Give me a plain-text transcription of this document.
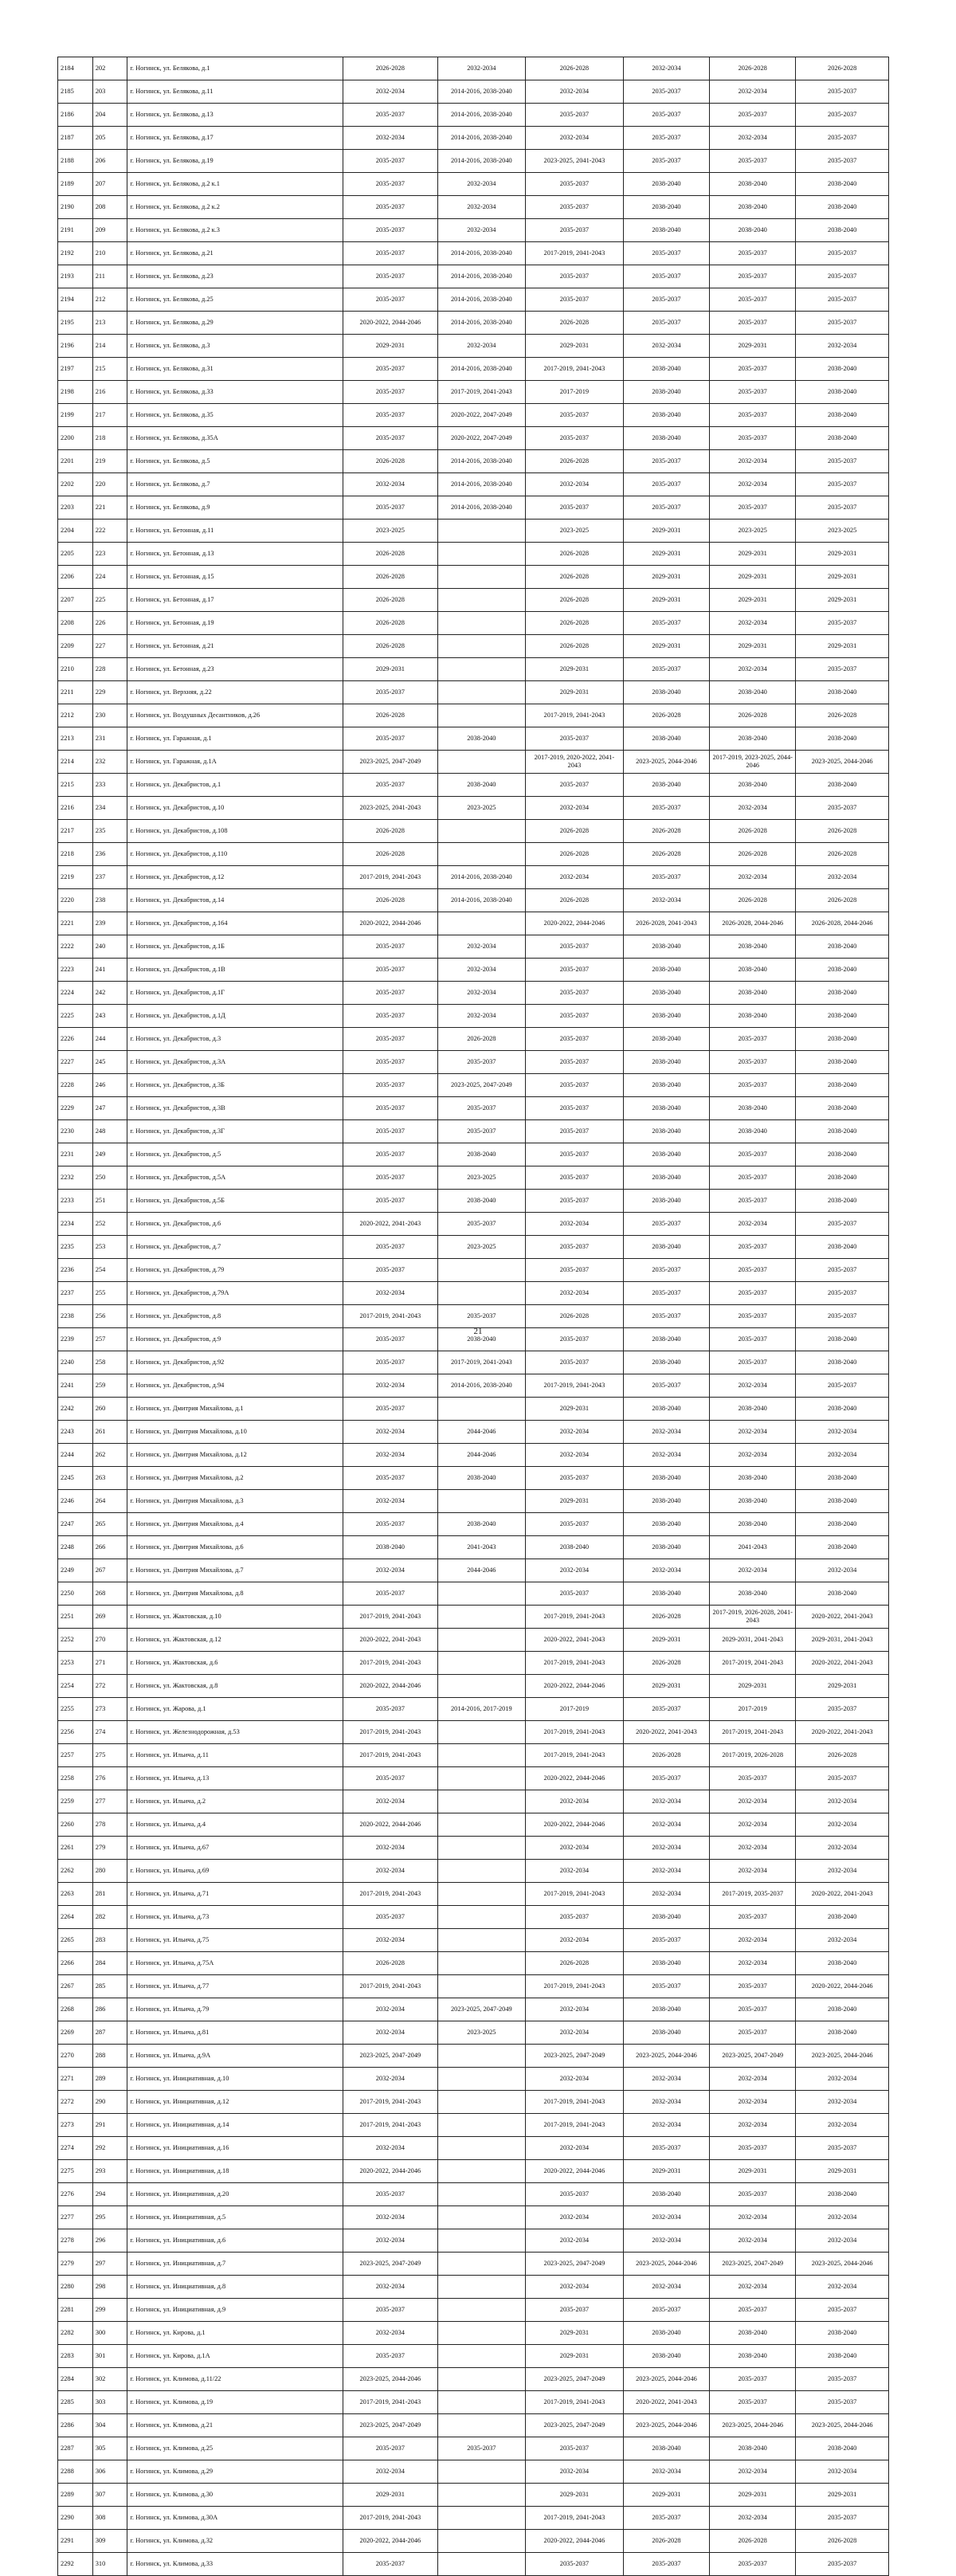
2184	202	г. Ногинск, ул. Белякова, д.1	2026-2028	2032-2034	2026-2028	2032-2034	2026-2028	2026-2028
2185	203	г. Ногинск, ул. Белякова, д.11	2032-2034	2014-2016, 2038-2040	2032-2034	2035-2037	2032-2034	2035-2037
2186	204	г. Ногинск, ул. Белякова, д.13	2035-2037	2014-2016, 2038-2040	2035-2037	2035-2037	2035-2037	2035-2037
2187	205	г. Ногинск, ул. Белякова, д.17	2032-2034	2014-2016, 2038-2040	2032-2034	2035-2037	2032-2034	2035-2037
2188	206	г. Ногинск, ул. Белякова, д.19	2035-2037	2014-2016, 2038-2040	2023-2025, 2041-2043	2035-2037	2035-2037	2035-2037
2189	207	г. Ногинск, ул. Белякова, д.2 к.1	2035-2037	2032-2034	2035-2037	2038-2040	2038-2040	2038-2040
2190	208	г. Ногинск, ул. Белякова, д.2 к.2	2035-2037	2032-2034	2035-2037	2038-2040	2038-2040	2038-2040
2191	209	г. Ногинск, ул. Белякова, д.2 к.3	2035-2037	2032-2034	2035-2037	2038-2040	2038-2040	2038-2040
2192	210	г. Ногинск, ул. Белякова, д.21	2035-2037	2014-2016, 2038-2040	2017-2019, 2041-2043	2035-2037	2035-2037	2035-2037
2193	211	г. Ногинск, ул. Белякова, д.23	2035-2037	2014-2016, 2038-2040	2035-2037	2035-2037	2035-2037	2035-2037
2194	212	г. Ногинск, ул. Белякова, д.25	2035-2037	2014-2016, 2038-2040	2035-2037	2035-2037	2035-2037	2035-2037
2195	213	г. Ногинск, ул. Белякова, д.29	2020-2022, 2044-2046	2014-2016, 2038-2040	2026-2028	2035-2037	2035-2037	2035-2037
2196	214	г. Ногинск, ул. Белякова, д.3	2029-2031	2032-2034	2029-2031	2032-2034	2029-2031	2032-2034
2197	215	г. Ногинск, ул. Белякова, д.31	2035-2037	2014-2016, 2038-2040	2017-2019, 2041-2043	2038-2040	2035-2037	2038-2040
2198	216	г. Ногинск, ул. Белякова, д.33	2035-2037	2017-2019, 2041-2043	2017-2019	2038-2040	2035-2037	2038-2040
2199	217	г. Ногинск, ул. Белякова, д.35	2035-2037	2020-2022, 2047-2049	2035-2037	2038-2040	2035-2037	2038-2040
2200	218	г. Ногинск, ул. Белякова, д.35А	2035-2037	2020-2022, 2047-2049	2035-2037	2038-2040	2035-2037	2038-2040
2201	219	г. Ногинск, ул. Белякова, д.5	2026-2028	2014-2016, 2038-2040	2026-2028	2035-2037	2032-2034	2035-2037
2202	220	г. Ногинск, ул. Белякова, д.7	2032-2034	2014-2016, 2038-2040	2032-2034	2035-2037	2032-2034	2035-2037
2203	221	г. Ногинск, ул. Белякова, д.9	2035-2037	2014-2016, 2038-2040	2035-2037	2035-2037	2035-2037	2035-2037
2204	222	г. Ногинск, ул. Бетонная, д.11	2023-2025		2023-2025	2029-2031	2023-2025	2023-2025
2205	223	г. Ногинск, ул. Бетонная, д.13	2026-2028		2026-2028	2029-2031	2029-2031	2029-2031
2206	224	г. Ногинск, ул. Бетонная, д.15	2026-2028		2026-2028	2029-2031	2029-2031	2029-2031
2207	225	г. Ногинск, ул. Бетонная, д.17	2026-2028		2026-2028	2029-2031	2029-2031	2029-2031
2208	226	г. Ногинск, ул. Бетонная, д.19	2026-2028		2026-2028	2035-2037	2032-2034	2035-2037
2209	227	г. Ногинск, ул. Бетонная, д.21	2026-2028		2026-2028	2029-2031	2029-2031	2029-2031
2210	228	г. Ногинск, ул. Бетонная, д.23	2029-2031		2029-2031	2035-2037	2032-2034	2035-2037
2211	229	г. Ногинск, ул. Верхняя, д.22	2035-2037		2029-2031	2038-2040	2038-2040	2038-2040
2212	230	г. Ногинск, ул. Воздушных Десантников, д.26	2026-2028		2017-2019, 2041-2043	2026-2028	2026-2028	2026-2028
2213	231	г. Ногинск, ул. Гаражная, д.1	2035-2037	2038-2040	2035-2037	2038-2040	2038-2040	2038-2040
2214	232	г. Ногинск, ул. Гаражная, д.1А	2023-2025, 2047-2049		2017-2019, 2020-2022, 2041-2043	2023-2025, 2044-2046	2017-2019, 2023-2025, 2044-2046	2023-2025, 2044-2046
2215	233	г. Ногинск, ул. Декабристов, д.1	2035-2037	2038-2040	2035-2037	2038-2040	2038-2040	2038-2040
2216	234	г. Ногинск, ул. Декабристов, д.10	2023-2025, 2041-2043	2023-2025	2032-2034	2035-2037	2032-2034	2035-2037
2217	235	г. Ногинск, ул. Декабристов, д.108	2026-2028		2026-2028	2026-2028	2026-2028	2026-2028
2218	236	г. Ногинск, ул. Декабристов, д.110	2026-2028		2026-2028	2026-2028	2026-2028	2026-2028
2219	237	г. Ногинск, ул. Декабристов, д.12	2017-2019, 2041-2043	2014-2016, 2038-2040	2032-2034	2035-2037	2032-2034	2032-2034
2220	238	г. Ногинск, ул. Декабристов, д.14	2026-2028	2014-2016, 2038-2040	2026-2028	2032-2034	2026-2028	2026-2028
2221	239	г. Ногинск, ул. Декабристов, д.164	2020-2022, 2044-2046		2020-2022, 2044-2046	2026-2028, 2041-2043	2026-2028, 2044-2046	2026-2028, 2044-2046
2222	240	г. Ногинск, ул. Декабристов, д.1Б	2035-2037	2032-2034	2035-2037	2038-2040	2038-2040	2038-2040
2223	241	г. Ногинск, ул. Декабристов, д.1В	2035-2037	2032-2034	2035-2037	2038-2040	2038-2040	2038-2040
2224	242	г. Ногинск, ул. Декабристов, д.1Г	2035-2037	2032-2034	2035-2037	2038-2040	2038-2040	2038-2040
2225	243	г. Ногинск, ул. Декабристов, д.1Д	2035-2037	2032-2034	2035-2037	2038-2040	2038-2040	2038-2040
2226	244	г. Ногинск, ул. Декабристов, д.3	2035-2037	2026-2028	2035-2037	2038-2040	2035-2037	2038-2040
2227	245	г. Ногинск, ул. Декабристов, д.3А	2035-2037	2035-2037	2035-2037	2038-2040	2035-2037	2038-2040
2228	246	г. Ногинск, ул. Декабристов, д.3Б	2035-2037	2023-2025, 2047-2049	2035-2037	2038-2040	2035-2037	2038-2040
2229	247	г. Ногинск, ул. Декабристов, д.3В	2035-2037	2035-2037	2035-2037	2038-2040	2038-2040	2038-2040
2230	248	г. Ногинск, ул. Декабристов, д.3Г	2035-2037	2035-2037	2035-2037	2038-2040	2038-2040	2038-2040
2231	249	г. Ногинск, ул. Декабристов, д.5	2035-2037	2038-2040	2035-2037	2038-2040	2035-2037	2038-2040
2232	250	г. Ногинск, ул. Декабристов, д.5А	2035-2037	2023-2025	2035-2037	2038-2040	2035-2037	2038-2040
2233	251	г. Ногинск, ул. Декабристов, д.5Б	2035-2037	2038-2040	2035-2037	2038-2040	2035-2037	2038-2040
2234	252	г. Ногинск, ул. Декабристов, д.6	2020-2022, 2041-2043	2035-2037	2032-2034	2035-2037	2032-2034	2035-2037
2235	253	г. Ногинск, ул. Декабристов, д.7	2035-2037	2023-2025	2035-2037	2038-2040	2035-2037	2038-2040
2236	254	г. Ногинск, ул. Декабристов, д.79	2035-2037		2035-2037	2035-2037	2035-2037	2035-2037
2237	255	г. Ногинск, ул. Декабристов, д.79А	2032-2034		2032-2034	2035-2037	2035-2037	2035-2037
2238	256	г. Ногинск, ул. Декабристов, д.8	2017-2019, 2041-2043	2035-2037	2026-2028	2035-2037	2035-2037	2035-2037
2239	257	г. Ногинск, ул. Декабристов, д.9	2035-2037	2038-2040	2035-2037	2038-2040	2035-2037	2038-2040
2240	258	г. Ногинск, ул. Декабристов, д.92	2035-2037	2017-2019, 2041-2043	2035-2037	2038-2040	2035-2037	2038-2040
2241	259	г. Ногинск, ул. Декабристов, д.94	2032-2034	2014-2016, 2038-2040	2017-2019, 2041-2043	2035-2037	2032-2034	2035-2037
2242	260	г. Ногинск, ул. Дмитрия Михайлова, д.1	2035-2037		2029-2031	2038-2040	2038-2040	2038-2040
2243	261	г. Ногинск, ул. Дмитрия Михайлова, д.10	2032-2034	2044-2046	2032-2034	2032-2034	2032-2034	2032-2034
2244	262	г. Ногинск, ул. Дмитрия Михайлова, д.12	2032-2034	2044-2046	2032-2034	2032-2034	2032-2034	2032-2034
2245	263	г. Ногинск, ул. Дмитрия Михайлова, д.2	2035-2037	2038-2040	2035-2037	2038-2040	2038-2040	2038-2040
2246	264	г. Ногинск, ул. Дмитрия Михайлова, д.3	2032-2034		2029-2031	2038-2040	2038-2040	2038-2040
2247	265	г. Ногинск, ул. Дмитрия Михайлова, д.4	2035-2037	2038-2040	2035-2037	2038-2040	2038-2040	2038-2040
2248	266	г. Ногинск, ул. Дмитрия Михайлова, д.6	2038-2040	2041-2043	2038-2040	2038-2040	2041-2043	2038-2040
2249	267	г. Ногинск, ул. Дмитрия Михайлова, д.7	2032-2034	2044-2046	2032-2034	2032-2034	2032-2034	2032-2034
2250	268	г. Ногинск, ул. Дмитрия Михайлова, д.8	2035-2037		2035-2037	2038-2040	2038-2040	2038-2040
2251	269	г. Ногинск, ул. Жактовская, д.10	2017-2019, 2041-2043		2017-2019, 2041-2043	2026-2028	2017-2019, 2026-2028, 2041-2043	2020-2022, 2041-2043
2252	270	г. Ногинск, ул. Жактовская, д.12	2020-2022, 2041-2043		2020-2022, 2041-2043	2029-2031	2029-2031, 2041-2043	2029-2031, 2041-2043
2253	271	г. Ногинск, ул. Жактовская, д.6	2017-2019, 2041-2043		2017-2019, 2041-2043	2026-2028	2017-2019, 2041-2043	2020-2022, 2041-2043
2254	272	г. Ногинск, ул. Жактовская, д.8	2020-2022, 2044-2046		2020-2022, 2044-2046	2029-2031	2029-2031	2029-2031
2255	273	г. Ногинск, ул. Жарова, д.1	2035-2037	2014-2016, 2017-2019	2017-2019	2035-2037	2017-2019	2035-2037
2256	274	г. Ногинск, ул. Железнодорожная, д.53	2017-2019, 2041-2043		2017-2019, 2041-2043	2020-2022, 2041-2043	2017-2019, 2041-2043	2020-2022, 2041-2043
2257	275	г. Ногинск, ул. Ильича, д.11	2017-2019, 2041-2043		2017-2019, 2041-2043	2026-2028	2017-2019, 2026-2028	2026-2028
2258	276	г. Ногинск, ул. Ильича, д.13	2035-2037		2020-2022, 2044-2046	2035-2037	2035-2037	2035-2037
2259	277	г. Ногинск, ул. Ильича, д.2	2032-2034		2032-2034	2032-2034	2032-2034	2032-2034
2260	278	г. Ногинск, ул. Ильича, д.4	2020-2022, 2044-2046		2020-2022, 2044-2046	2032-2034	2032-2034	2032-2034
2261	279	г. Ногинск, ул. Ильича, д.67	2032-2034		2032-2034	2032-2034	2032-2034	2032-2034
2262	280	г. Ногинск, ул. Ильича, д.69	2032-2034		2032-2034	2032-2034	2032-2034	2032-2034
2263	281	г. Ногинск, ул. Ильича, д.71	2017-2019, 2041-2043		2017-2019, 2041-2043	2032-2034	2017-2019, 2035-2037	2020-2022, 2041-2043
2264	282	г. Ногинск, ул. Ильича, д.73	2035-2037		2035-2037	2038-2040	2035-2037	2038-2040
2265	283	г. Ногинск, ул. Ильича, д.75	2032-2034		2032-2034	2035-2037	2032-2034	2032-2034
2266	284	г. Ногинск, ул. Ильича, д.75А	2026-2028		2026-2028	2038-2040	2032-2034	2038-2040
2267	285	г. Ногинск, ул. Ильича, д.77	2017-2019, 2041-2043		2017-2019, 2041-2043	2035-2037	2035-2037	2020-2022, 2044-2046
2268	286	г. Ногинск, ул. Ильича, д.79	2032-2034	2023-2025, 2047-2049	2032-2034	2038-2040	2035-2037	2038-2040
2269	287	г. Ногинск, ул. Ильича, д.81	2032-2034	2023-2025	2032-2034	2038-2040	2035-2037	2038-2040
2270	288	г. Ногинск, ул. Ильича, д.9А	2023-2025, 2047-2049		2023-2025, 2047-2049	2023-2025, 2044-2046	2023-2025, 2047-2049	2023-2025, 2044-2046
2271	289	г. Ногинск, ул. Инициативная, д.10	2032-2034		2032-2034	2032-2034	2032-2034	2032-2034
2272	290	г. Ногинск, ул. Инициативная, д.12	2017-2019, 2041-2043		2017-2019, 2041-2043	2032-2034	2032-2034	2032-2034
2273	291	г. Ногинск, ул. Инициативная, д.14	2017-2019, 2041-2043		2017-2019, 2041-2043	2032-2034	2032-2034	2032-2034
2274	292	г. Ногинск, ул. Инициативная, д.16	2032-2034		2032-2034	2035-2037	2035-2037	2035-2037
2275	293	г. Ногинск, ул. Инициативная, д.18	2020-2022, 2044-2046		2020-2022, 2044-2046	2029-2031	2029-2031	2029-2031
2276	294	г. Ногинск, ул. Инициативная, д.20	2035-2037		2035-2037	2038-2040	2035-2037	2038-2040
2277	295	г. Ногинск, ул. Инициативная, д.5	2032-2034		2032-2034	2032-2034	2032-2034	2032-2034
2278	296	г. Ногинск, ул. Инициативная, д.6	2032-2034		2032-2034	2032-2034	2032-2034	2032-2034
2279	297	г. Ногинск, ул. Инициативная, д.7	2023-2025, 2047-2049		2023-2025, 2047-2049	2023-2025, 2044-2046	2023-2025, 2047-2049	2023-2025, 2044-2046
2280	298	г. Ногинск, ул. Инициативная, д.8	2032-2034		2032-2034	2032-2034	2032-2034	2032-2034
2281	299	г. Ногинск, ул. Инициативная, д.9	2035-2037		2035-2037	2035-2037	2035-2037	2035-2037
2282	300	г. Ногинск, ул. Кирова, д.1	2032-2034		2029-2031	2038-2040	2038-2040	2038-2040
2283	301	г. Ногинск, ул. Кирова, д.1А	2035-2037		2029-2031	2038-2040	2038-2040	2038-2040
2284	302	г. Ногинск, ул. Климова, д.11/22	2023-2025, 2044-2046		2023-2025, 2047-2049	2023-2025, 2044-2046	2035-2037	2035-2037
2285	303	г. Ногинск, ул. Климова, д.19	2017-2019, 2041-2043		2017-2019, 2041-2043	2020-2022, 2041-2043	2035-2037	2035-2037
2286	304	г. Ногинск, ул. Климова, д.21	2023-2025, 2047-2049		2023-2025, 2047-2049	2023-2025, 2044-2046	2023-2025, 2044-2046	2023-2025, 2044-2046
2287	305	г. Ногинск, ул. Климова, д.25	2035-2037	2035-2037	2035-2037	2038-2040	2038-2040	2038-2040
2288	306	г. Ногинск, ул. Климова, д.29	2032-2034		2032-2034	2032-2034	2032-2034	2032-2034
2289	307	г. Ногинск, ул. Климова, д.30	2029-2031		2029-2031	2029-2031	2029-2031	2029-2031
2290	308	г. Ногинск, ул. Климова, д.30А	2017-2019, 2041-2043		2017-2019, 2041-2043	2035-2037	2032-2034	2035-2037
2291	309	г. Ногинск, ул. Климова, д.32	2020-2022, 2044-2046		2020-2022, 2044-2046	2026-2028	2026-2028	2026-2028
2292	310	г. Ногинск, ул. Климова, д.33	2035-2037		2035-2037	2035-2037	2035-2037	2035-2037
21
